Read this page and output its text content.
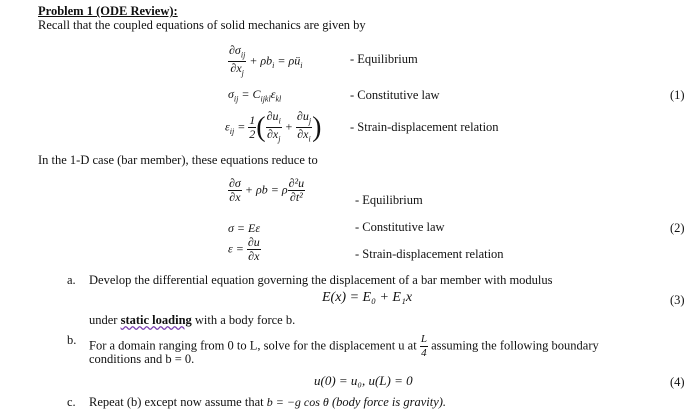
Problem 1 (ODE Review):
Recall that the coupled equations of solid mechanics are given by
$\frac{\partial\sigma_{ij}}{\partial x_j} + \rho b_i$ = $\rho ü_i$	- Equilibrium
$\sigma_{ij} = C_{ijkl}\varepsilon_{kl}$	- Constitutive law	(1)
$\varepsilon_{ij} = \frac{1}{2}$ ( $\frac{\partial u_i}{\partial x_j} + \frac{\partial u_j}{\partial x_i}$ ) - Strain-displacement relation
In the 1-D case (bar member), these equations reduce to
$\frac{\partial\sigma}{\partial x} + \rho b = \rho \frac{\text{∂²u}}{\text{∂t²}}$	- Equilibrium
σ = Eε	- Constitutive law	(2)
$\varepsilon = \frac{\partial u}{\partial x}$	- Strain-displacement relation
a. Develop the differential equation governing the displacement of a bar member with modulus
E(x) = E₀ + E₁x	(3)
under static loading with a body force b.
b. For a domain ranging from 0 to L, solve for the displacement u at $\frac{L}{4}$ assuming the following boundary
conditions and b = 0.
u(0) = u₀, u(L) = 0	(4)
c. Repeat (b) except now assume that b = −g cos θ (body force is gravity).
